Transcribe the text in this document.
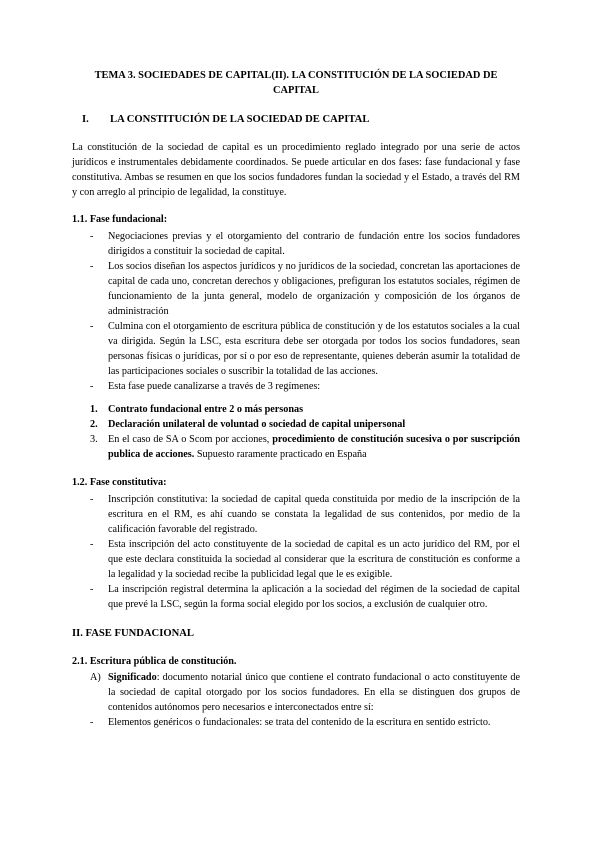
TEMA 3. SOCIEDADES DE CAPITAL(II). LA CONSTITUCIÓN DE LA SOCIEDAD DE CAPITAL
I. LA CONSTITUCIÓN DE LA SOCIEDAD DE CAPITAL

La constitución de la sociedad de capital es un procedimiento reglado integrado por una serie de actos jurídicos e instrumentales debidamente coordinados. Se puede articular en dos fases: fase fundacional y fase constitutiva. Ambas se resumen en que los socios fundadores fundan la sociedad y el Estado, a través del RM y con arreglo al principio de legalidad, la constituye.

1.1. Fase fundacional:
- Negociaciones previas y el otorgamiento del contrario de fundación entre los socios fundadores dirigidos a constituir la sociedad de capital.
- Los socios diseñan los aspectos jurídicos y no jurídicos de la sociedad, concretan las aportaciones de capital de cada uno, concretan derechos y obligaciones, prefiguran los estatutos sociales, régimen de funcionamiento de la junta general, modelo de organización y composición de los órganos de administración
- Culmina con el otorgamiento de escritura pública de constitución y de los estatutos sociales a la cual va dirigida. Según la LSC, esta escritura debe ser otorgada por todos los socios fundadores, sean personas físicas o jurídicas, por sí o por eso de representante, quienes deberán asumir la totalidad de las participaciones sociales o suscribir la totalidad de las acciones.
- Esta fase puede canalizarse a través de 3 regímenes:
1. Contrato fundacional entre 2 o más personas
2. Declaración unilateral de voluntad o sociedad de capital unipersonal
3. En el caso de SA o Scom por acciones, procedimiento de constitución sucesiva o por suscripción publica de acciones. Supuesto raramente practicado en España
1.2. Fase constitutiva:
- Inscripción constitutiva: la sociedad de capital queda constituida por medio de la inscripción de la escritura en el RM, es ahí cuando se constata la legalidad de sus contenidos, por medio de la calificación favorable del registrado.
- Esta inscripción del acto constituyente de la sociedad de capital es un acto jurídico del RM, por el que este declara constituida la sociedad al considerar que la escritura de constitución es conforme a la legalidad y la sociedad recibe la publicidad legal que le es exigible.
- La inscripción registral determina la aplicación a la sociedad del régimen de la sociedad de capital que prevé la LSC, según la forma social elegido por los socios, a exclusión de cualquier otro.
II. FASE FUNDACIONAL
2.1. Escritura pública de constitución.
A) Significado: documento notarial único que contiene el contrato fundacional o acto constituyente de la sociedad de capital otorgado por los socios fundadores. En ella se distinguen dos grupos de contenidos autónomos pero necesarios e interconectados entre sí:
- Elementos genéricos o fundacionales: se trata del contenido de la escritura en sentido estricto.
